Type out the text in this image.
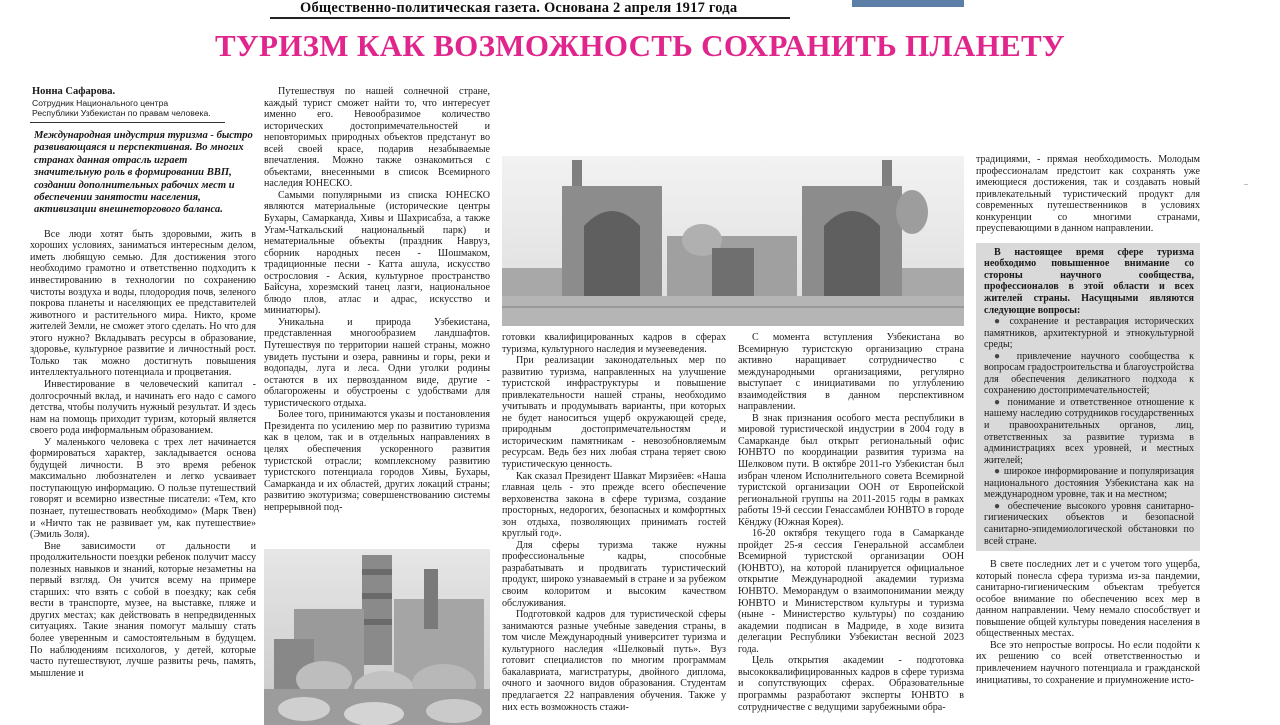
Общественно-политическая газета. Основана 2 апреля 1917 года
ТУРИЗМ КАК ВОЗМОЖНОСТЬ СОХРАНИТЬ ПЛАНЕТУ
Нонна Сафарова.
Сотрудник Национального центра
Республики Узбекистан по правам человека.
Международная индустрия туризма - быстро развивающаяся и перспективная. Во многих странах данная отрасль играет значительную роль в формировании ВВП, создании дополнительных рабочих мест и обеспечении занятости населения, активизации внешнеторгового баланса.

Все люди хотят быть здоровыми, жить в хороших условиях, заниматься интересным делом, иметь любящую семью. Для достижения этого необходимо грамотно и ответственно подходить к инвестированию в технологии по сохранению чистоты воздуха и воды, плодородия почв, зеленого покрова планеты и населяющих ее представителей животного и растительного мира. Никто, кроме жителей Земли, не сможет этого сделать. Но что для этого нужно? Вкладывать ресурсы в образование, здоровье, культурное развитие и личностный рост. Только так можно достигнуть повышения интеллектуального потенциала и процветания.

Инвестирование в человеческий капитал - долгосрочный вклад, и начинать его надо с самого детства, чтобы получить нужный результат. И здесь нам на помощь приходит туризм, который является своего рода информальным образованием.

У маленького человека с трех лет начинается формироваться характер, закладывается основа будущей личности. В это время ребенок максимально любознателен и легко усваивает поступающую информацию. О пользе путешествий говорят и всемирно известные писатели: «Тем, кто познает, путешествовать необходимо» (Марк Твен) и «Ничто так не развивает ум, как путешествие» (Эмиль Золя).

Вне зависимости от дальности и продолжительности поездки ребенок получит массу полезных навыков и знаний, которые незаметны на первый взгляд. Он учится всему на примере старших: что взять с собой в поездку; как себя вести в транспорте, музее, на выставке, пляже и других местах; как действовать в непредвиденных ситуациях. Такие знания помогут малышу стать более уверенным и самостоятельным в будущем. По наблюдениям психологов, у детей, которые часто путешествуют, лучше развиты речь, память, мышление и

Путешествуя по нашей солнечной стране, каждый турист сможет найти то, что интересует именно его. Невообразимое количество исторических достопримечательностей и неповторимых природных объектов предстанут во всей своей красе, подарив незабываемые впечатления. Можно также ознакомиться с объектами, внесенными в список Всемирного наследия ЮНЕСКО.

Самыми популярными из списка ЮНЕСКО являются материальные (исторические центры Бухары, Самарканда, Хивы и Шахрисабза, а также Угам-Чаткальский национальный парк) и нематериальные объекты (праздник Навруз, сборник народных песен - Шошмаком, традиционные песни - Катта ашула, искусство острословия - Аския, культурное пространство Байсуна, хорезмский танец лазги, национальное блюдо плов, атлас и адрас, искусство и миниатюры).

Уникальна и природа Узбекистана, представленная многообразием ландшафтов. Путешествуя по территории нашей страны, можно увидеть пустыни и озера, равнины и горы, реки и водопады, луга и леса. Одни уголки родины остаются в их первозданном виде, другие - облагорожены и обустроены с удобствами для туристического отдыха.

Более того, принимаются указы и постановления Президента по усилению мер по развитию туризма как в целом, так и в отдельных направлениях в целях обеспечения ускоренного развития туристской отрасли; комплексному развитию туристского потенциала городов Хивы, Бухары, Самарканда и их областей, других локаций страны; развитию экотуризма; совершенствованию системы непрерывной под-

готовки квалифицированных кадров в сферах туризма, культурного наследия и музееведения.

При реализации законодательных мер по развитию туризма, направленных на улучшение туристской инфраструктуры и повышение привлекательности нашей страны, необходимо учитывать и продумывать варианты, при которых не будет наноситься ущерб окружающей среде, природным достопримечательностям и историческим памятникам - невозобновляемым ресурсам. Ведь без них любая страна теряет свою туристическую ценность.

Как сказал Президент Шавкат Мирзиёев: «Наша главная цель - это прежде всего обеспечение верховенства закона в сфере туризма, создание просторных, недорогих, безопасных и комфортных зон отдыха, позволяющих принимать гостей круглый год».

Для сферы туризма также нужны профессиональные кадры, способные разрабатывать и продвигать туристический продукт, широко узнаваемый в стране и за рубежом своим колоритом и высоким качеством обслуживания.

Подготовкой кадров для туристической сферы занимаются разные учебные заведения страны, в том числе Международный университет туризма и культурного наследия «Шелковый путь». Вуз готовит специалистов по многим программам бакалавриата, магистратуры, двойного диплома, очного и заочного видов образования. Студентам предлагается 22 направления обучения. Также у них есть возможность стажи-

С момента вступления Узбекистана во Всемирную туристскую организацию страна активно наращивает сотрудничество с международными организациями, регулярно выступает с инициативами по углублению взаимодействия в данном перспективном направлении.

В знак признания особого места республики в мировой туристической индустрии в 2004 году в Самарканде был открыт региональный офис ЮНВТО по координации развития туризма на Шелковом пути. В октябре 2011-го Узбекистан был избран членом Исполнительного совета Всемирной туристской организации ООН от Европейской региональной группы на 2011-2015 годы в рамках работы 19-й сессии Генассамблеи ЮНВТО в городе Кёнджу (Южная Корея).

16-20 октября текущего года в Самарканде пройдет 25-я сессия Генеральной ассамблеи Всемирной туристской организации ООН (ЮНВТО), на которой планируется официальное открытие Международной академии туризма ЮНВТО. Меморандум о взаимопонимании между ЮНВТО и Министерством культуры и туризма (ныне - Министерство культуры) по созданию академии подписан в Мадриде, в ходе визита делегации Республики Узбекистан весной 2023 года.

Цель открытия академии - подготовка высококвалифицированных кадров в сфере туризма и сопутствующих сферах. Образовательные программы разработают эксперты ЮНВТО в сотрудничестве с ведущими зарубежными обра-

традициями, - прямая необходимость. Молодым профессионалам предстоит как сохранять уже имеющиеся достижения, так и создавать новый привлекательный туристический продукт для современных путешественников в условиях конкуренции со многими странами, преуспевающими в данном направлении.

В настоящее время сфере туризма необходимо повышенное внимание со стороны научного сообщества, профессионалов в этой области и всех жителей страны. Насущными являются следующие вопросы:

● сохранение и реставрация исторических памятников, архитектурной и этнокультурной среды;

● привлечение научного сообщества к вопросам градостроительства и благоустройства для обеспечения деликатного подхода к сохранению достопримечательностей;

● понимание и ответственное отношение к нашему наследию сотрудников государственных и правоохранительных органов, лиц, ответственных за развитие туризма в администрациях всех уровней, и местных жителей;

● широкое информирование и популяризация национального достояния Узбекистана как на международном уровне, так и на местном;

● обеспечение высокого уровня санитарно-гигиенических объектов и безопасной санитарно-эпидемиологической обстановки по всей стране.

В свете последних лет и с учетом того ущерба, который понесла сфера туризма из-за пандемии, санитарно-гигиеническим объектам требуется особое внимание по обеспечению всех мер в данном направлении. Чему немало способствует и повышение общей культуры поведения населения в общественных местах.

Все это непростые вопросы. Но если подойти к их решению со всей ответственностью и привлечением научного потенциала и гражданской инициативы, то сохранение и приумножение исто-

..
